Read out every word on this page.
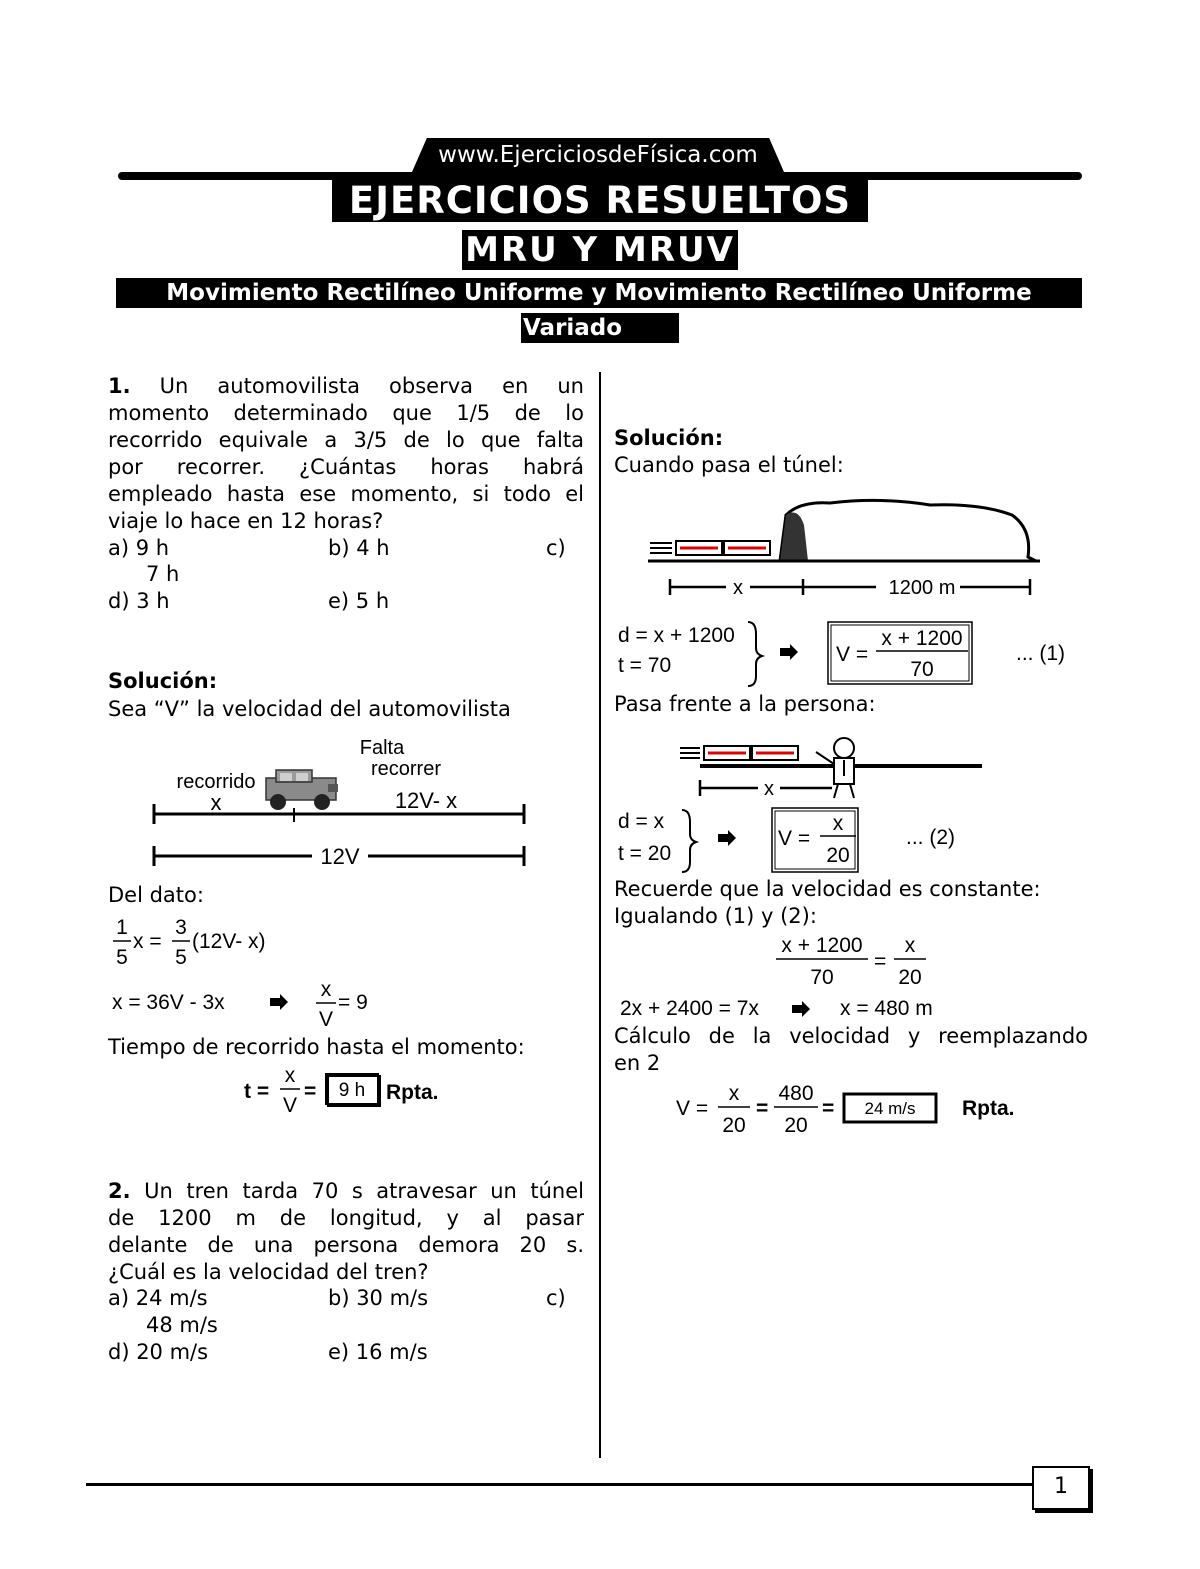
www.EjerciciosdeFísica.com
EJERCICIOS RESUELTOS
MRU Y MRUV
Movimiento Rectilíneo Uniforme y Movimiento Rectilíneo Uniforme
Variado
1. Un automovilista observa en un
momento determinado que 1/5 de lo
recorrido equivale a 3/5 de lo que falta
por recorrer. ¿Cuántas horas habrá
empleado hasta ese momento, si todo el
viaje lo hace en 12 horas?
a) 9 h	b) 4 h	c)
7 h
d) 3 h	e) 5 h
Solución:
Sea “V” la velocidad del automovilista
Falta
recorrer
recorrido
x	12V- x
12V
Del dato:
1
5
x =
3
5
(12V- x)
x = 36V - 3x
x
V
= 9
Tiempo de recorrido hasta el momento:
t =
x
V
= 9 h Rpta.
2. Un tren tarda 70 s atravesar un túnel
de 1200 m de longitud, y al pasar
delante de una persona demora 20 s.
¿Cuál es la velocidad del tren?
a) 24 m/s	b) 30 m/s	c)
48 m/s
d) 20 m/s	e) 16 m/s
Solución:
Cuando pasa el túnel:
x	1200 m
d = x + 1200
t = 70	V =
x + 1200
70
... (1)
Pasa frente a la persona:
x
d = x
t = 20
V =
x
20
... (2)
Recuerde que la velocidad es constante:
Igualando (1) y (2):
x + 1200
70
=
x
20
2x + 2400 = 7x	x = 480 m
Cálculo de la velocidad y reemplazando
en 2
V =
x
20
=
480
20
= 24 m/s Rpta.
1
